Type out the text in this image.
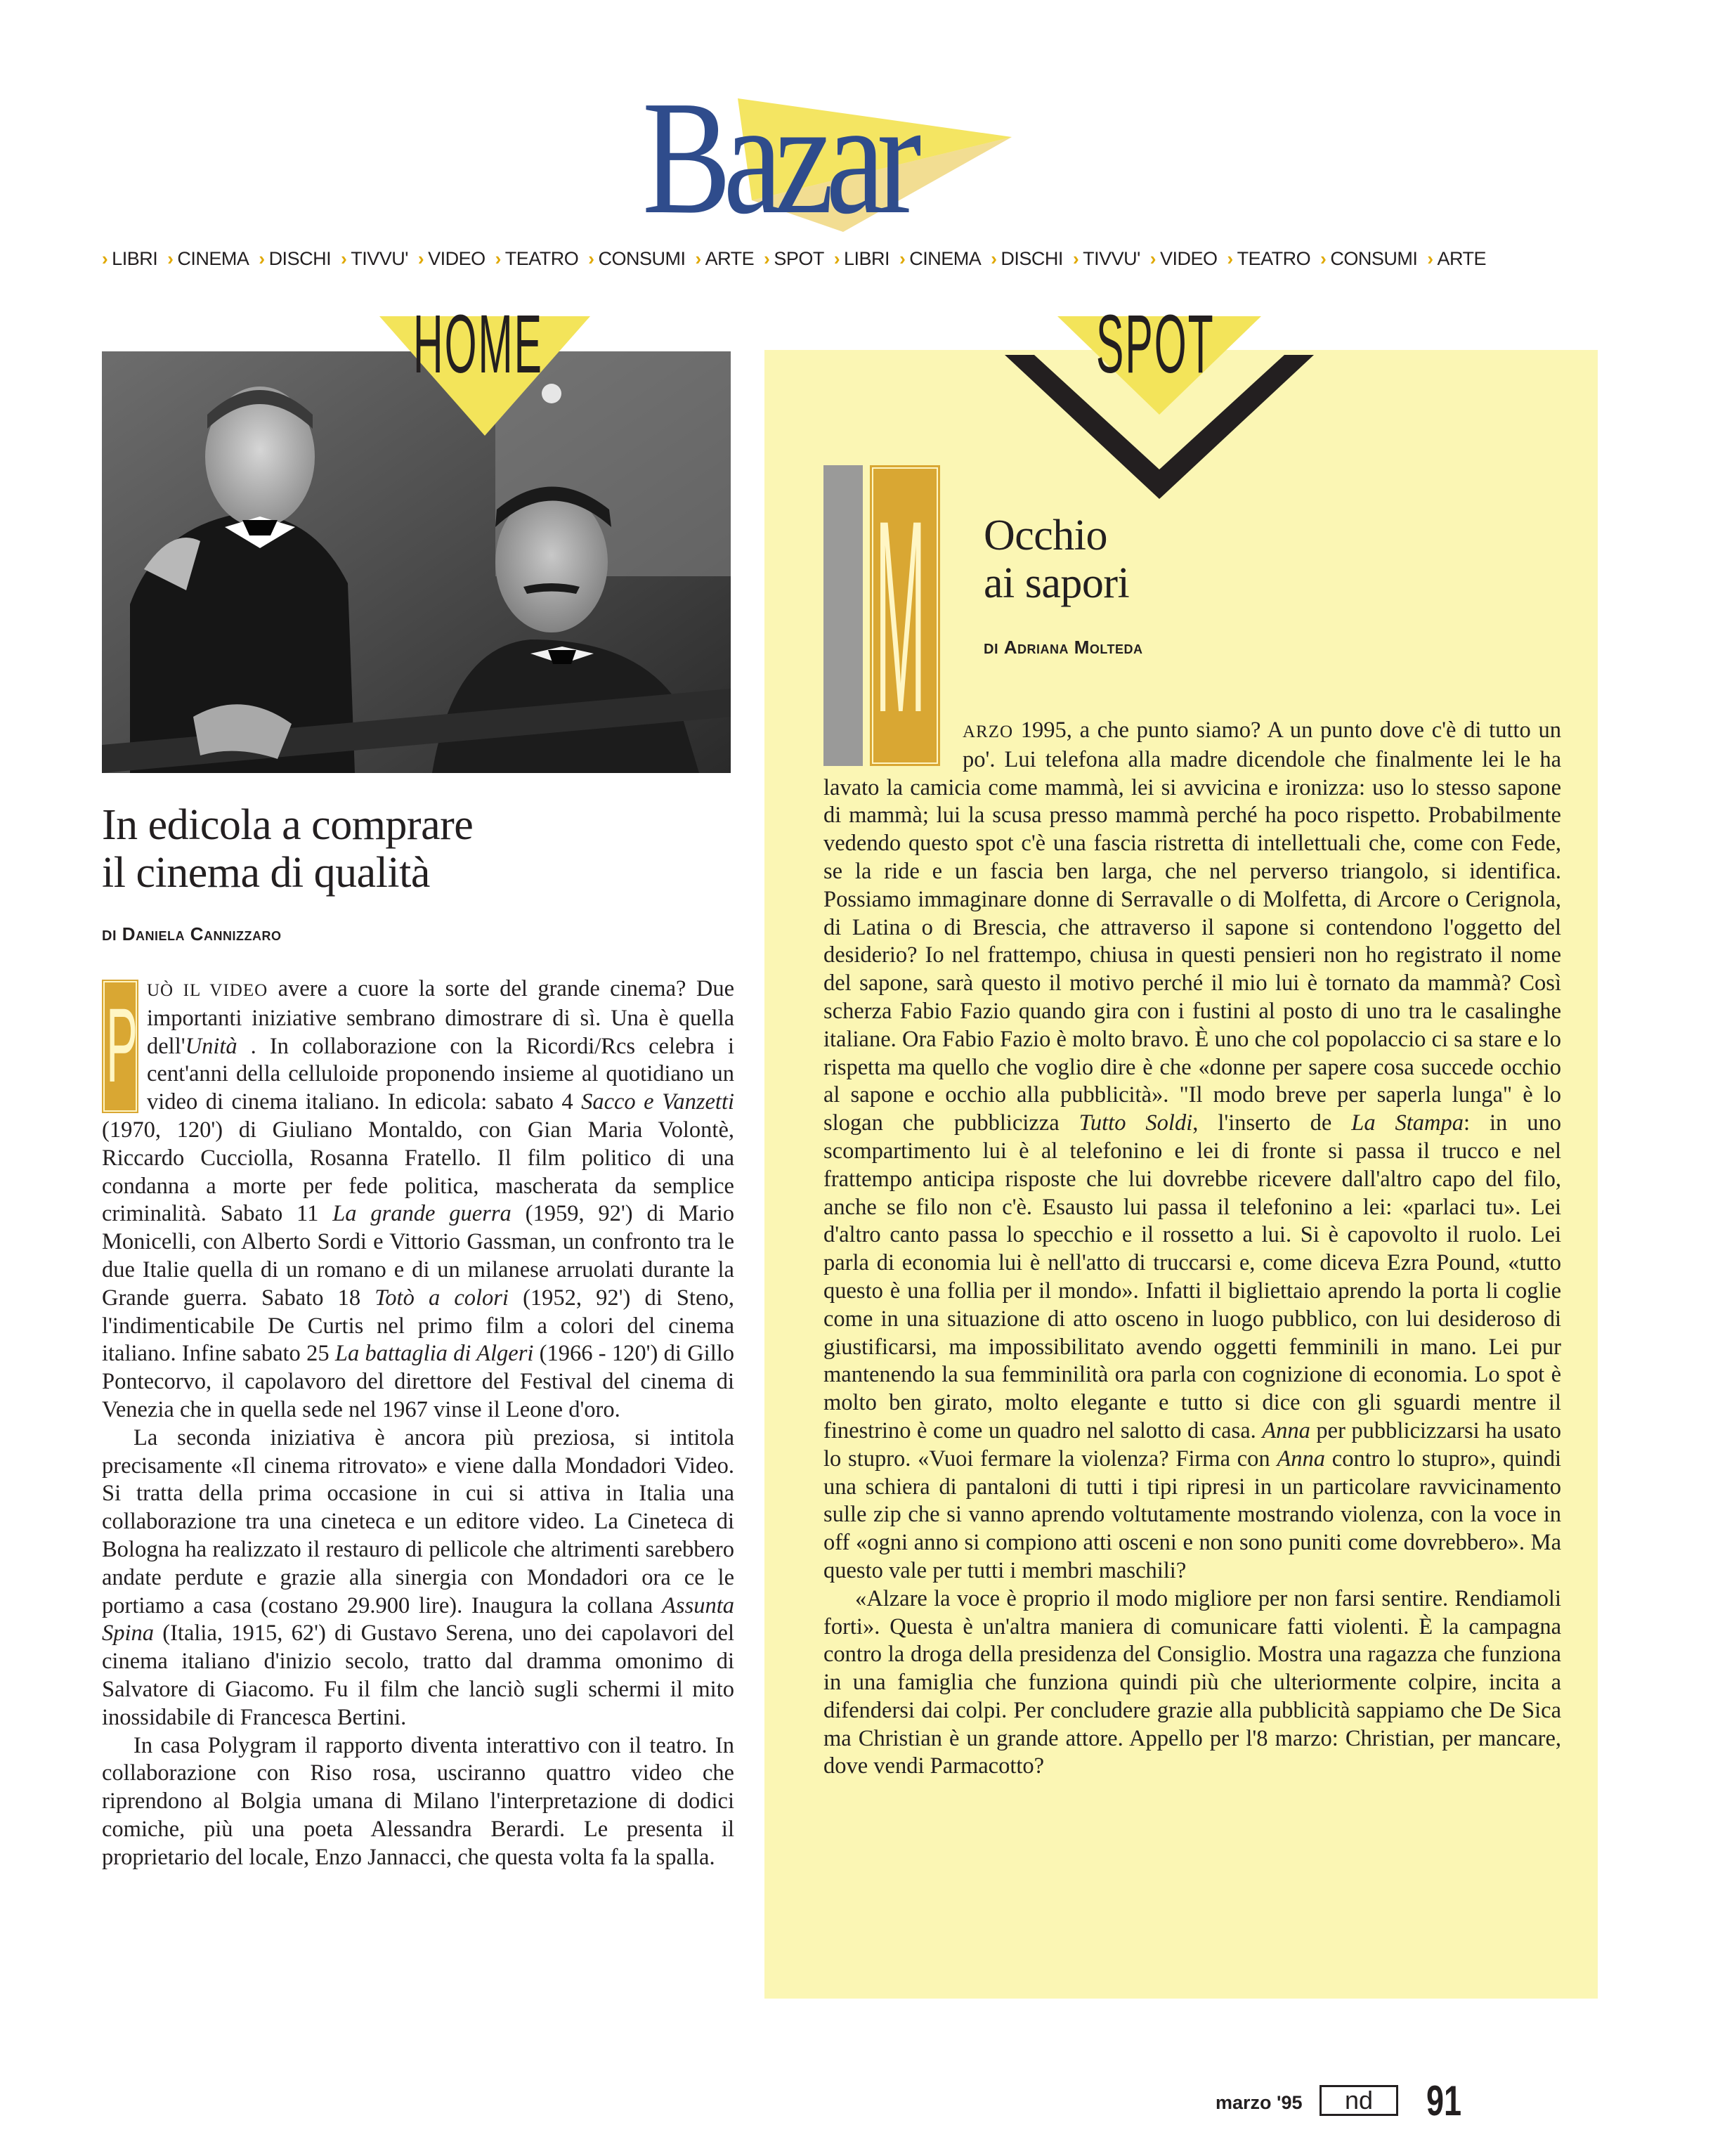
Bazar
› LIBRI › CINEMA › DISCHI › TIVVU' › VIDEO › TEATRO › CONSUMI › ARTE › SPOT › LIBRI › CINEMA › DISCHI › TIVVU' › VIDEO › TEATRO › CONSUMI › ARTE
HOME	SPOT
In edicola a comprare
il cinema di qualità
DI Daniela Cannizzaro
P UÒ IL VIDEO avere a cuore la sorte del grande cinema? Due importanti iniziative sembrano dimostrare di sì. Una è quella dell'Unità . In collaborazione con la Ricordi/Rcs celebra i cent'anni della celluloide proponendo insieme al quotidiano un video di cinema italiano. In edicola: sabato 4 Sacco e Vanzetti (1970, 120') di Giuliano Montaldo, con Gian Maria Volontè, Riccardo Cucciolla, Rosanna Fratello. Il film politico di una condanna a morte per fede politica, mascherata da semplice criminalità. Sabato 11 La grande guerra (1959, 92') di Mario Monicelli, con Alberto Sordi e Vittorio Gassman, un confronto tra le due Italie quella di un romano e di un milanese arruolati durante la Grande guerra. Sabato 18 Totò a colori (1952, 92') di Steno, l'indimenticabile De Curtis nel primo film a colori del cinema italiano. Infine sabato 25 La battaglia di Algeri (1966 - 120') di Gillo Pontecorvo, il capolavoro del direttore del Festival del cinema di Venezia che in quella sede nel 1967 vinse il Leone d'oro.

La seconda iniziativa è ancora più preziosa, si intitola precisamente «Il cinema ritrovato» e viene dalla Mondadori Video. Si tratta della prima occasione in cui si attiva in Italia una collaborazione tra una cineteca e un editore video. La Cineteca di Bologna ha realizzato il restauro di pellicole che altrimenti sarebbero andate perdute e grazie alla sinergia con Mondadori ora ce le portiamo a casa (costano 29.900 lire). Inaugura la collana Assunta Spina (Italia, 1915, 62') di Gustavo Serena, uno dei capolavori del cinema italiano d'inizio secolo, tratto dal dramma omonimo di Salvatore di Giacomo. Fu il film che lanciò sugli schermi il mito inossidabile di Francesca Bertini.

In casa Polygram il rapporto diventa interattivo con il teatro. In collaborazione con Riso rosa, usciranno quattro video che riprendono al Bolgia umana di Milano l'interpretazione di dodici comiche, più una poeta Alessandra Berardi. Le presenta il proprietario del locale, Enzo Jannacci, che questa volta fa la spalla.

M Occhio
ai sapori
DI Adriana Molteda

ARZO 1995, a che punto siamo? A un punto dove c'è di tutto un po'. Lui telefona alla madre dicendole che finalmente lei le ha lavato la camicia come mammà, lei si avvicina e ironizza: uso lo stesso sapone di mammà; lui la scusa presso mammà perché ha poco rispetto. Probabilmente vedendo questo spot c'è una fascia ristretta di intellettuali che, come con Fede, se la ride e un fascia ben larga, che nel perverso triangolo, si identifica. Possiamo immaginare donne di Serravalle o di Molfetta, di Arcore o Cerignola, di Latina o di Brescia, che attraverso il sapone si contendono l'oggetto del desiderio? Io nel frattempo, chiusa in questi pensieri non ho registrato il nome del sapone, sarà questo il motivo perché il mio lui è tornato da mammà? Così scherza Fabio Fazio quando gira con i fustini al posto di uno tra le casalinghe italiane. Ora Fabio Fazio è molto bravo. È uno che col popolaccio ci sa stare e lo rispetta ma quello che voglio dire è che «donne per sapere cosa succede occhio al sapone e occhio alla pubblicità». "Il modo breve per saperla lunga" è lo slogan che pubblicizza Tutto Soldi, l'inserto de La Stampa: in uno scompartimento lui è al telefonino e lei di fronte si passa il trucco e nel frattempo anticipa risposte che lui dovrebbe ricevere dall'altro capo del filo, anche se filo non c'è. Esausto lui passa il telefonino a lei: «parlaci tu». Lei d'altro canto passa lo specchio e il rossetto a lui. Si è capovolto il ruolo. Lei parla di economia lui è nell'atto di truccarsi e, come diceva Ezra Pound, «tutto questo è una follia per il mondo». Infatti il bigliettaio aprendo la porta li coglie come in una situazione di atto osceno in luogo pubblico, con lui desideroso di giustificarsi, ma impossibilitato avendo oggetti femminili in mano. Lei pur mantenendo la sua femminilità ora parla con cognizione di economia. Lo spot è molto ben girato, molto elegante e tutto si dice con gli sguardi mentre il finestrino è come un quadro nel salotto di casa. Anna per pubblicizzarsi ha usato lo stupro. «Vuoi fermare la violenza? Firma con Anna contro lo stupro», quindi una schiera di pantaloni di tutti i tipi ripresi in un particolare ravvicinamento sulle zip che si vanno aprendo voltutamente mostrando violenza, con la voce in off «ogni anno si compiono atti osceni e non sono puniti come dovrebbero». Ma questo vale per tutti i membri maschili?

«Alzare la voce è proprio il modo migliore per non farsi sentire. Rendiamoli forti». Questa è un'altra maniera di comunicare fatti violenti. È la campagna contro la droga della presidenza del Consiglio. Mostra una ragazza che funziona in una famiglia che funziona quindi più che ulteriormente colpire, incita a difendersi dai colpi. Per concludere grazie alla pubblicità sappiamo che De Sica ma Christian è un grande attore. Appello per l'8 marzo: Christian, per mancare, dove vendi Parmacotto?

marzo '95	nd	91
